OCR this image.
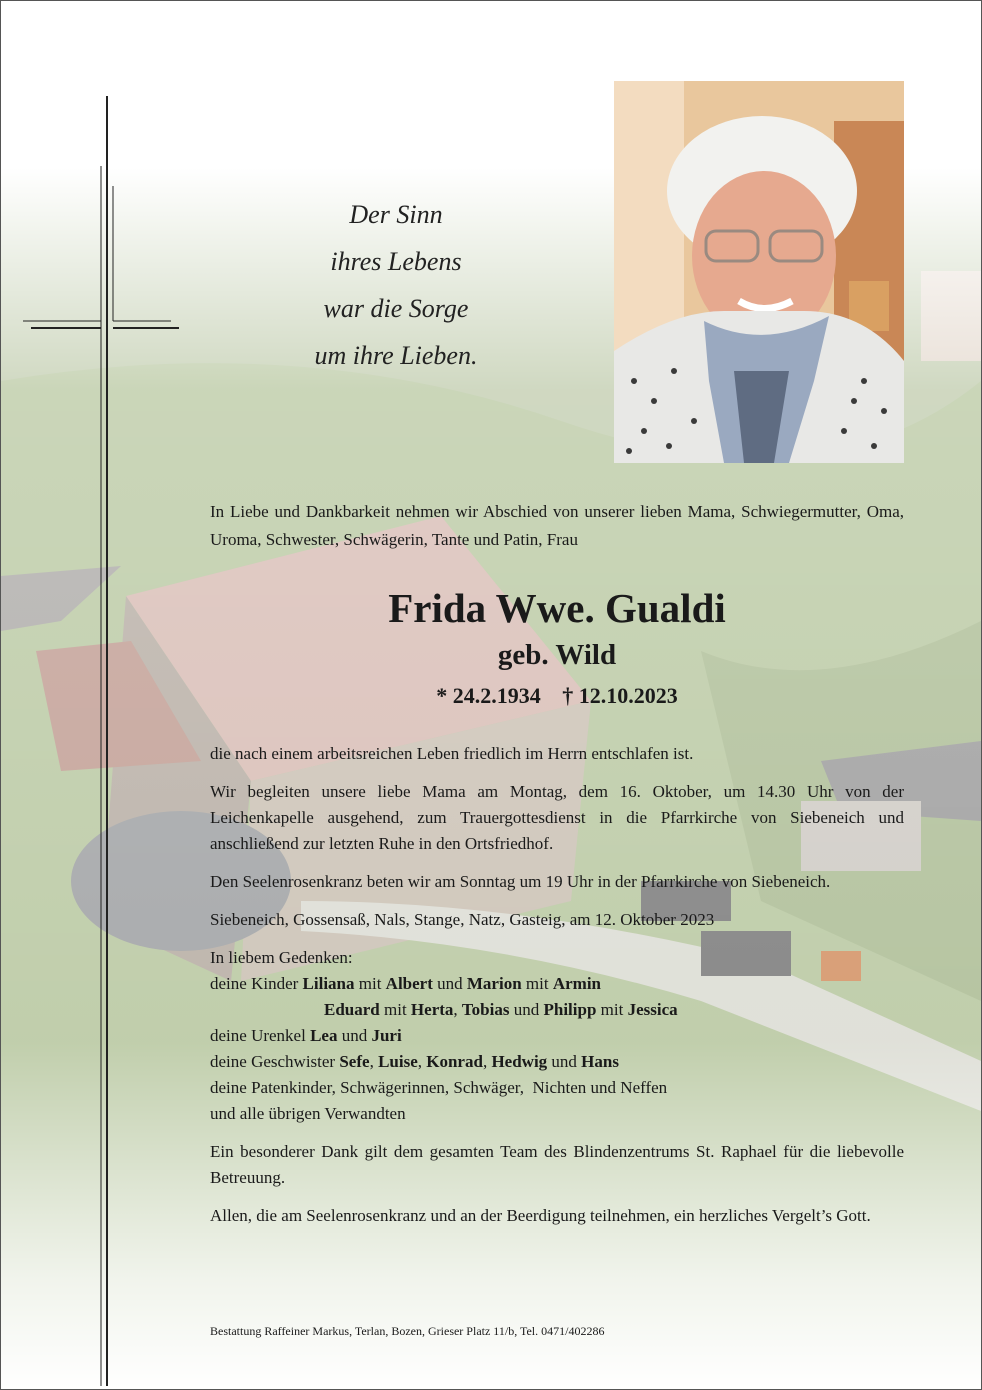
Der Sinn
ihres Lebens
war die Sorge
um ihre Lieben.
In Liebe und Dankbarkeit nehmen wir Abschied von unserer lieben Mama, Schwiegermutter, Oma, Uroma, Schwester, Schwägerin, Tante und Patin, Frau
Frida Wwe. Gualdi
geb. Wild
* 24.2.1934 † 12.10.2023
die nach einem arbeitsreichen Leben friedlich im Herrn entschlafen ist.
Wir begleiten unsere liebe Mama am Montag, dem 16. Oktober, um 14.30 Uhr von der Leichenkapelle ausgehend, zum Trauergottesdienst in die Pfarrkirche von Siebeneich und anschließend zur letzten Ruhe in den Ortsfriedhof.
Den Seelenrosenkranz beten wir am Sonntag um 19 Uhr in der Pfarrkirche von Siebeneich.
Siebeneich, Gossensaß, Nals, Stange, Natz, Gasteig, am 12. Oktober 2023
In liebem Gedenken:
deine Kinder Liliana mit Albert und Marion mit Armin
Eduard mit Herta, Tobias und Philipp mit Jessica
deine Urenkel Lea und Juri
deine Geschwister Sefe, Luise, Konrad, Hedwig und Hans
deine Patenkinder, Schwägerinnen, Schwäger,  Nichten und Neffen
und alle übrigen Verwandten
Ein besonderer Dank gilt dem gesamten Team des Blindenzentrums St. Raphael für die liebevolle Betreuung.
Allen, die am Seelenrosenkranz und an der Beerdigung teilnehmen, ein herzliches Vergelt’s Gott.
Bestattung Raffeiner Markus, Terlan, Bozen, Grieser Platz 11/b, Tel. 0471/402286
